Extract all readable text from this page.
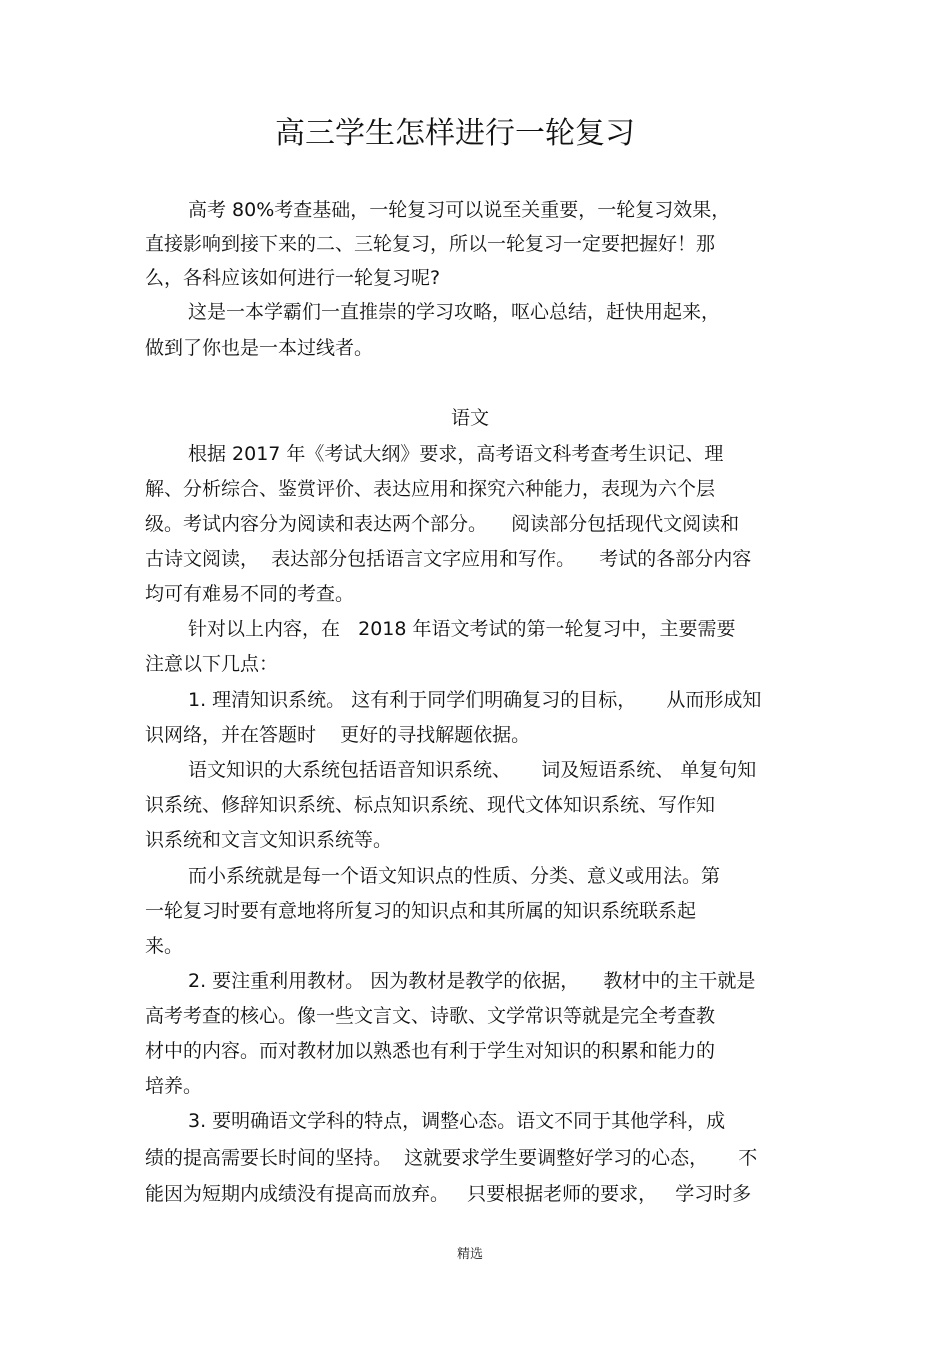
高三学生怎样进行一轮复习
高考 80%考查基础，一轮复习可以说至关重要，一轮复习效果，
直接影响到接下来的二、三轮复习，所以一轮复习一定要把握好！那
么，各科应该如何进行一轮复习呢?
这是一本学霸们一直推崇的学习攻略，呕心总结，赶快用起来，
做到了你也是一本过线者。
语文
根据 2017 年《考试大纲》要求，高考语文科考查考生识记、理
解、分析综合、鉴赏评价、表达应用和探究六种能力，表现为六个层
级。考试内容分为阅读和表达两个部分。    阅读部分包括现代文阅读和
古诗文阅读，  表达部分包括语言文字应用和写作。    考试的各部分内容
均可有难易不同的考查。
针对以上内容，在   2018 年语文考试的第一轮复习中，主要需要
注意以下几点：
1. 理清知识系统。 这有利于同学们明确复习的目标，     从而形成知
识网络，并在答题时    更好的寻找解题依据。
语文知识的大系统包括语音知识系统、     词及短语系统、 单复句知
识系统、修辞知识系统、标点知识系统、现代文体知识系统、写作知
识系统和文言文知识系统等。
而小系统就是每一个语文知识点的性质、分类、意义或用法。第
一轮复习时要有意地将所复习的知识点和其所属的知识系统联系起
来。
2. 要注重利用教材。 因为教材是教学的依据，    教材中的主干就是
高考考查的核心。像一些文言文、诗歌、文学常识等就是完全考查教
材中的内容。而对教材加以熟悉也有利于学生对知识的积累和能力的
培养。
3. 要明确语文学科的特点，调整心态。语文不同于其他学科，成
绩的提高需要长时间的坚持。  这就要求学生要调整好学习的心态，     不
能因为短期内成绩没有提高而放弃。   只要根据老师的要求，   学习时多
精选
